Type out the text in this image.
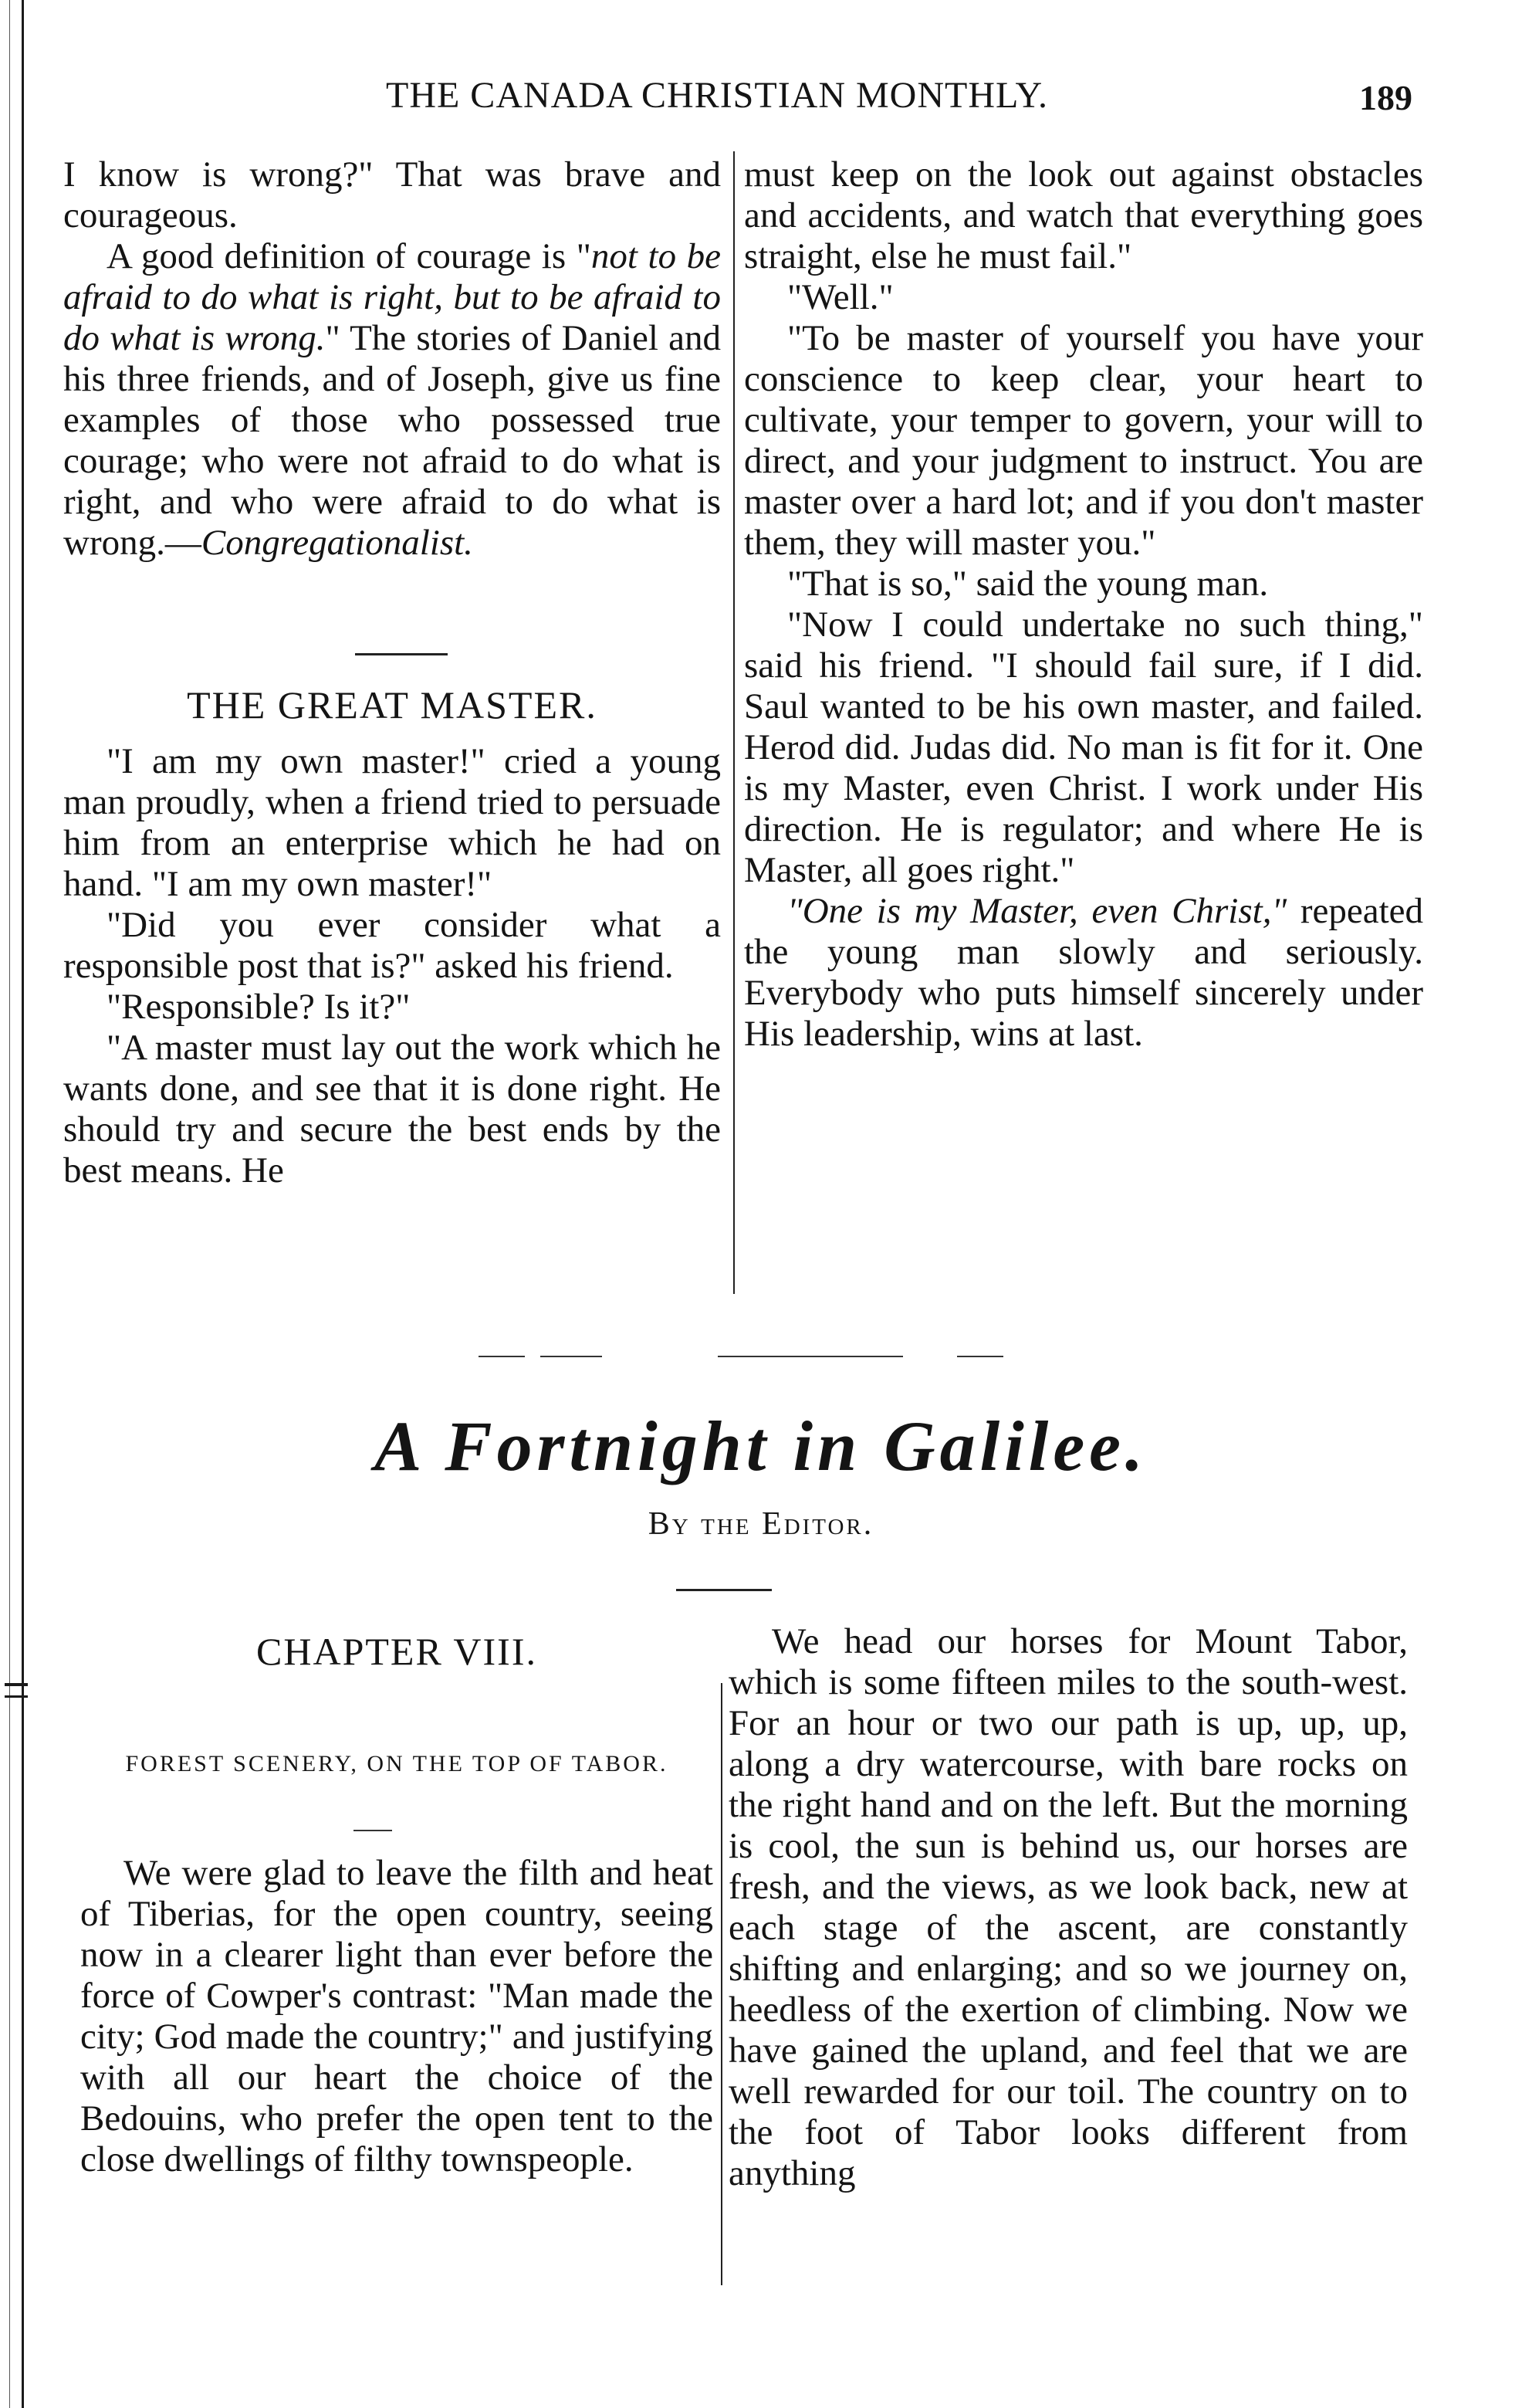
THE CANADA CHRISTIAN MONTHLY.	189

I know is wrong?" That was brave and courageous.

A good definition of courage is "not to be afraid to do what is right, but to be afraid to do what is wrong." The stories of Daniel and his three friends, and of Joseph, give us fine examples of those who possessed true courage; who were not afraid to do what is right, and who were afraid to do what is wrong.—Congregationalist.

THE GREAT MASTER.

"I am my own master!" cried a young man proudly, when a friend tried to persuade him from an enterprise which he had on hand. "I am my own master!"

"Did you ever consider what a responsible post that is?" asked his friend.

"Responsible? Is it?"

"A master must lay out the work which he wants done, and see that it is done right. He should try and secure the best ends by the best means. He

must keep on the look out against obstacles and accidents, and watch that everything goes straight, else he must fail."

"Well."

"To be master of yourself you have your conscience to keep clear, your heart to cultivate, your temper to govern, your will to direct, and your judgment to instruct. You are master over a hard lot; and if you don't master them, they will master you."

"That is so," said the young man.

"Now I could undertake no such thing," said his friend. "I should fail sure, if I did. Saul wanted to be his own master, and failed. Herod did. Judas did. No man is fit for it. One is my Master, even Christ. I work under His direction. He is regulator; and where He is Master, all goes right."

"One is my Master, even Christ," repeated the young man slowly and seriously. Everybody who puts himself sincerely under His leadership, wins at last.

A Fortnight in Galilee.
By the Editor.
CHAPTER VIII.
FOREST SCENERY, ON THE TOP OF TABOR.

We were glad to leave the filth and heat of Tiberias, for the open country, seeing now in a clearer light than ever before the force of Cowper's contrast: "Man made the city; God made the country;" and justifying with all our heart the choice of the Bedouins, who prefer the open tent to the close dwellings of filthy townspeople.

We head our horses for Mount Tabor, which is some fifteen miles to the south-west. For an hour or two our path is up, up, up, along a dry watercourse, with bare rocks on the right hand and on the left. But the morning is cool, the sun is behind us, our horses are fresh, and the views, as we look back, new at each stage of the ascent, are constantly shifting and enlarging; and so we journey on, heedless of the exertion of climbing. Now we have gained the upland, and feel that we are well rewarded for our toil. The country on to the foot of Tabor looks different from anything
